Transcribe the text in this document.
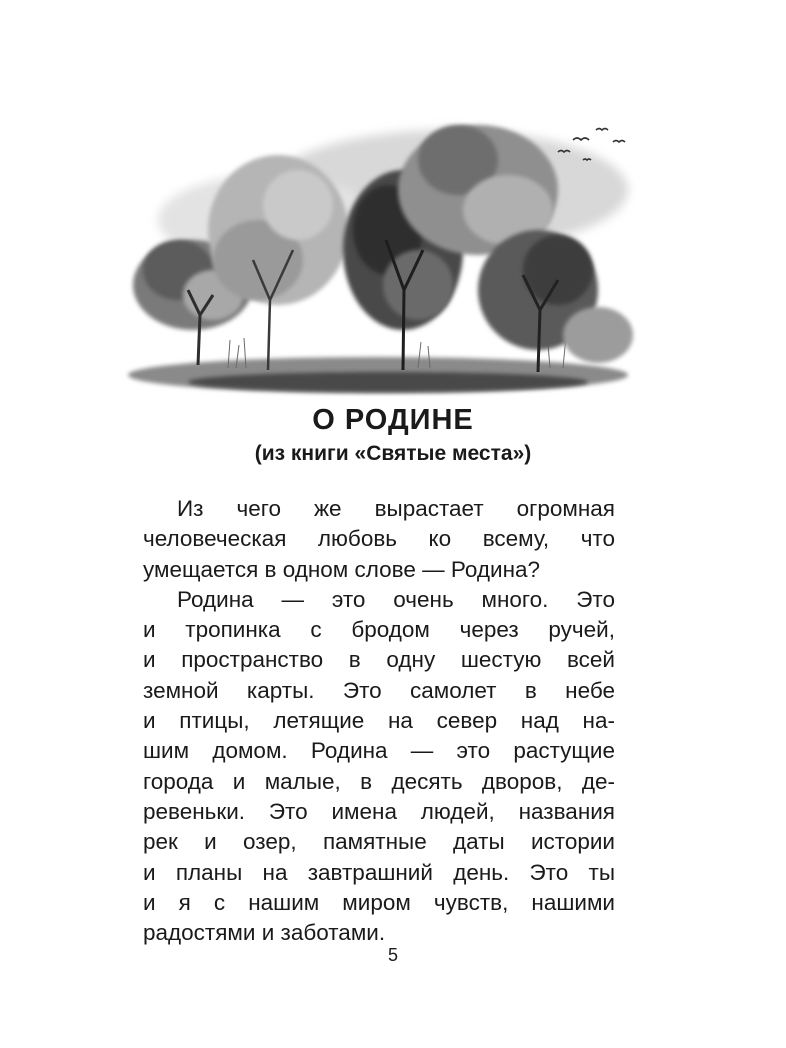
О РОДИНЕ
(из книги «Святые места»)
Из чего же вырастает огромная
человеческая любовь ко всему, что
умещается в одном слове — Родина?
Родина — это очень много. Это
и тропинка с бродом через ручей,
и пространство в одну шестую всей
земной карты. Это самолет в небе
и птицы, летящие на север над на-
шим домом. Родина — это растущие
города и малые, в десять дворов, де-
ревеньки. Это имена людей, названия
рек и озер, памятные даты истории
и планы на завтрашний день. Это ты
и я с нашим миром чувств, нашими
радостями и заботами.
5
